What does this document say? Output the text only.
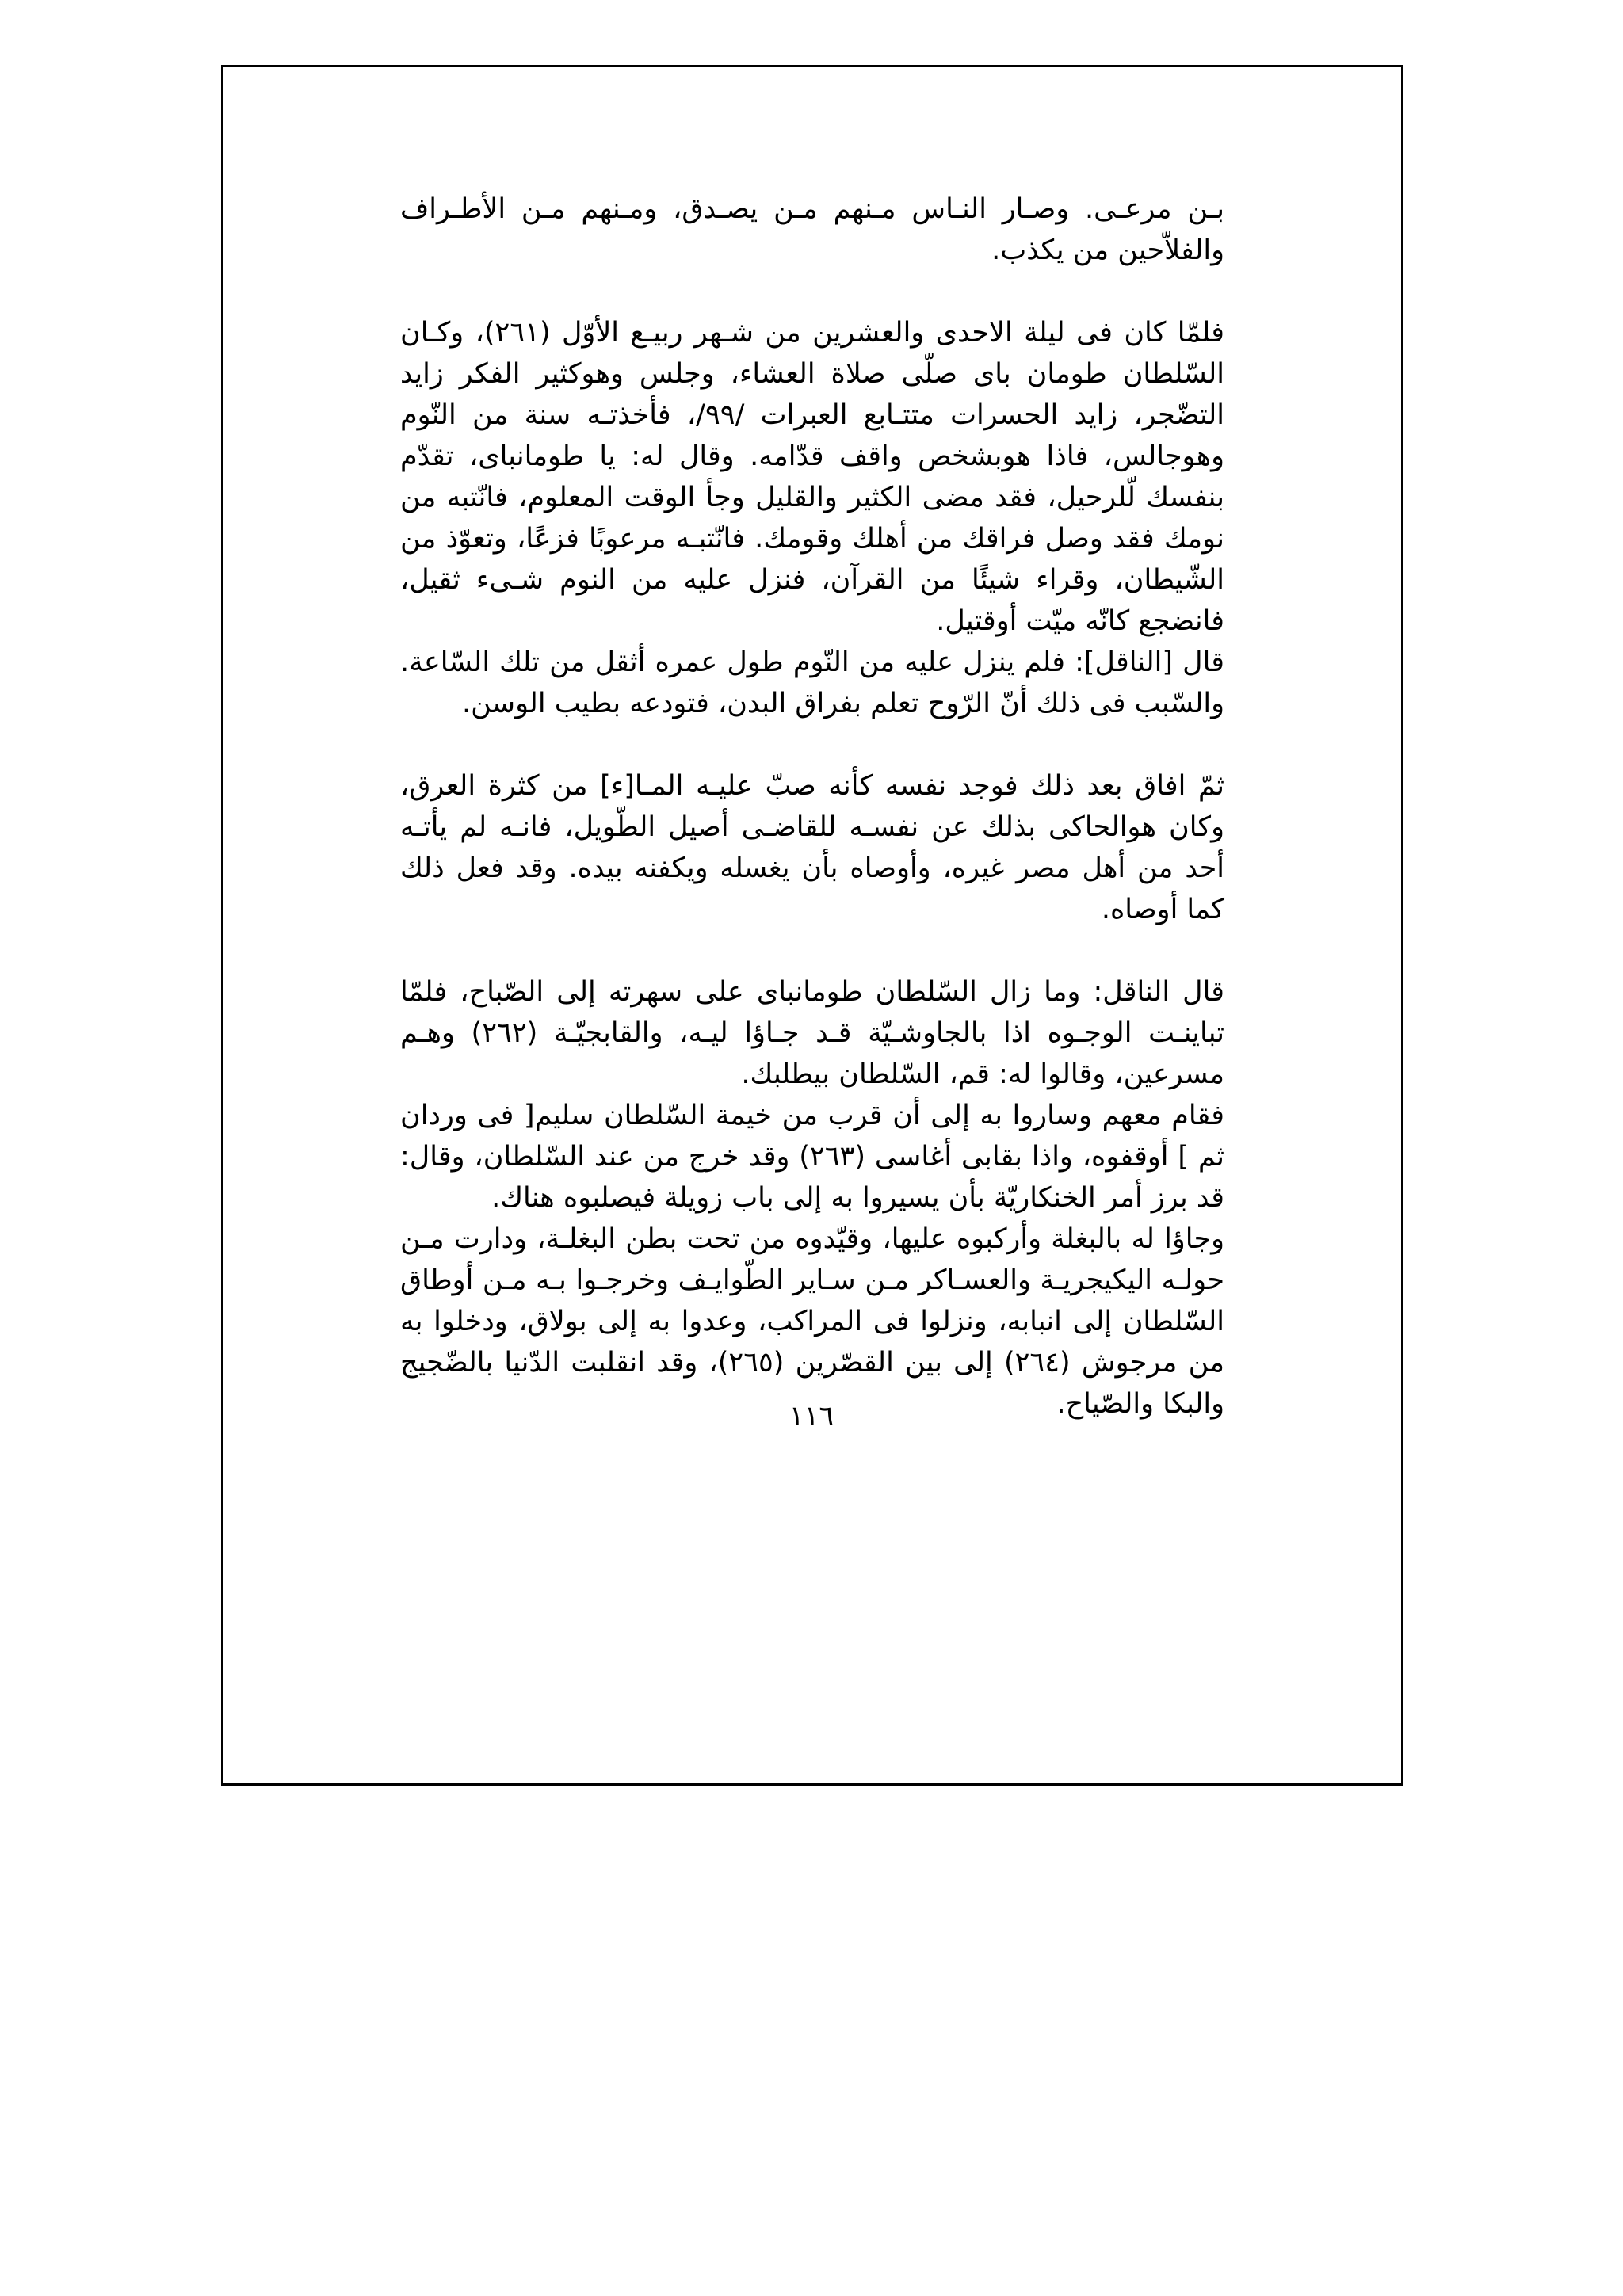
بـن مرعـى. وصـار النـاس مـنهم مـن يصـدق، ومـنهم مـن الأطـراف والفلاّحين من يكذب.

فلمّا كان فى ليلة الاحدى والعشرين من شـهر ربيـع الأوّل (٢٦١)، وكـان السّلطان طومان باى صلّى صلاة العشاء، وجلس وهوكثير الفكر زايد التضّجر، زايد الحسرات متتـابع العبرات /٩٩/، فأخذتـه سنة من النّوم وهوجالس، فاذا هوبشخص واقف قدّامه. وقال له: يا طومانباى، تقدّم بنفسك لّلرحيل، فقد مضى الكثير والقليل وجأ الوقت المعلوم، فانّتبه من نومك فقد وصل فراقك من أهلك وقومك. فانّتبـه مرعوبًا فزعًا، وتعوّذ من الشّيطان، وقراء شيئًا من القرآن، فنزل عليه من النوم شـىء ثقيل، فانضجع كانّه ميّت أوقتيل.

قال [الناقل]: فلم ينزل عليه من النّوم طول عمره أثقل من تلك السّاعة. والسّبب فى ذلك أنّ الرّوح تعلم بفراق البدن، فتودعه بطيب الوسن.

ثمّ افاق بعد ذلك فوجد نفسه كأنه صبّ عليـه المـا[ء] من كثرة العرق، وكان هوالحاكى بذلك عن نفسـه للقاضـى أصيل الطّويل، فانـه لم يأتـه أحد من أهل مصر غيره، وأوصاه بأن يغسله ويكفنه بيده. وقد فعل ذلك كما أوصاه.

قال الناقل: وما زال السّلطان طومانباى على سهرته إلى الصّباح، فلمّا تباينـت الوجـوه اذا بالجاوشـيّة قـد جـاؤا ليـه، والقابجيّـة (٢٦٢) وهـم مسرعين، وقالوا له: قم، السّلطان بيطلبك.

فقام معهم وساروا به إلى أن قرب من خيمة السّلطان سليم[ فى وردان ثم ] أوقفوه، واذا بقابى أغاسى (٢٦٣) وقد خرج من عند السّلطان، وقال: قد برز أمر الخنكاريّة بأن يسيروا به إلى باب زويلة فيصلبوه هناك.

وجاؤا له بالبغلة وأركبوه عليها، وقيّدوه من تحت بطن البغلـة، ودارت مـن حولـه اليكيجريـة والعسـاكر مـن سـاير الطّوايـف وخرجـوا بـه مـن أوطاق السّلطان إلى انبابه، ونزلوا فى المراكب، وعدوا به إلى بولاق، ودخلوا به من مرجوش (٢٦٤) إلى بين القصّرين (٢٦٥)، وقد انقلبت الدّنيا بالضّجيج والبكا والصّياح.

١١٦
